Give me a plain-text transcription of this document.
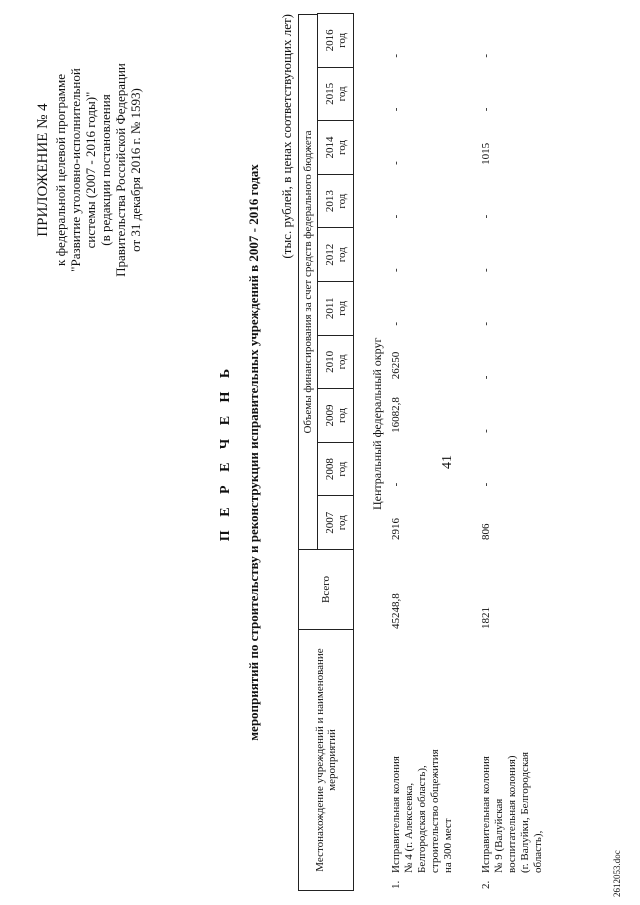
41
ПРИЛОЖЕНИЕ № 4 к федеральной целевой программе "Развитие уголовно-исполнительной системы (2007 - 2016 годы)" (в редакции постановления Правительства Российской Федерации от 31 декабря 2016 г. № 1593)
П Е Р Е Ч Е Н Ь мероприятий по строительству и реконструкции исправительных учреждений в 2007 - 2016 годах
(тыс. рублей, в ценах соответствующих лет)
Местонахождение учреждений и наименование мероприятий
Всего
Объемы финансирования за счет средств федерального бюджета
2007 год
2008 год
2009 год
2010 год
2011 год
2012 год
2013 год
2014 год
2015 год
2016 год
Центральный федеральный округ
1.
Исправительная колония № 4 (г. Алексеевка, Белгородская область), строительство общежития на 300 мест
45248,8
2.
Исправительная колония № 9 (Валуйская воспитательная колония) (г. Валуйки, Белгородская область),
1821
2916
-
16082,8
26250
-
-
-
-
-
-
806
-
-
-
-
-
-
1015
-
-
2612053.doc
